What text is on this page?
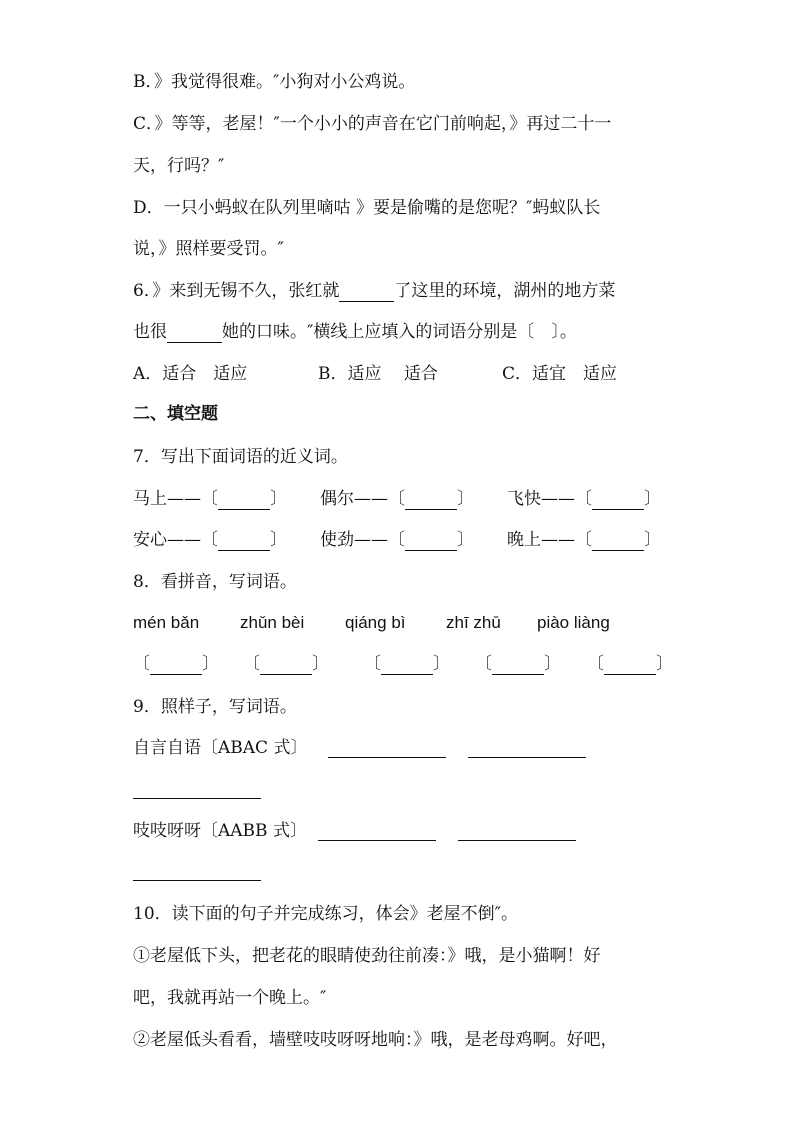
B．》我觉得很难。″小狗对小公鸡说。
C．》等等，老屋！″一个小小的声音在它门前响起，》再过二十一
天，行吗？″
D．一只小蚂蚁在队列里嘀咕 》要是偷嘴的是您呢？″蚂蚁队长
说，》照样要受罚。″
6．》来到无锡不久，张红就	了这里的环境，湖州的地方菜
也很	她的口味。″横线上应填入的词语分别是〔　〕。
A．适合　适应	B．适应　 适合	C．适宜　适应
二、填空题
7．写出下面词语的近义词。
马上——〔	〕 偶尔——〔	〕 飞快——〔	〕
安心——〔	〕 使劲——〔	〕 晚上——〔	〕
8．看拼音，写词语。
mén bǎn zhǔn bèi qiáng bì zhī zhū piào liàng
〔	〕 〔	〕 〔	〕 〔	〕 〔	〕
9．照样子，写词语。
自言自语〔ABAC 式〕
吱吱呀呀〔AABB 式〕
10．读下面的句子并完成练习，体会》老屋不倒″。
①老屋低下头，把老花的眼睛使劲往前凑：》哦，是小猫啊！好
吧，我就再站一个晚上。″
②老屋低头看看，墙壁吱吱呀呀地响：》哦，是老母鸡啊。好吧，
